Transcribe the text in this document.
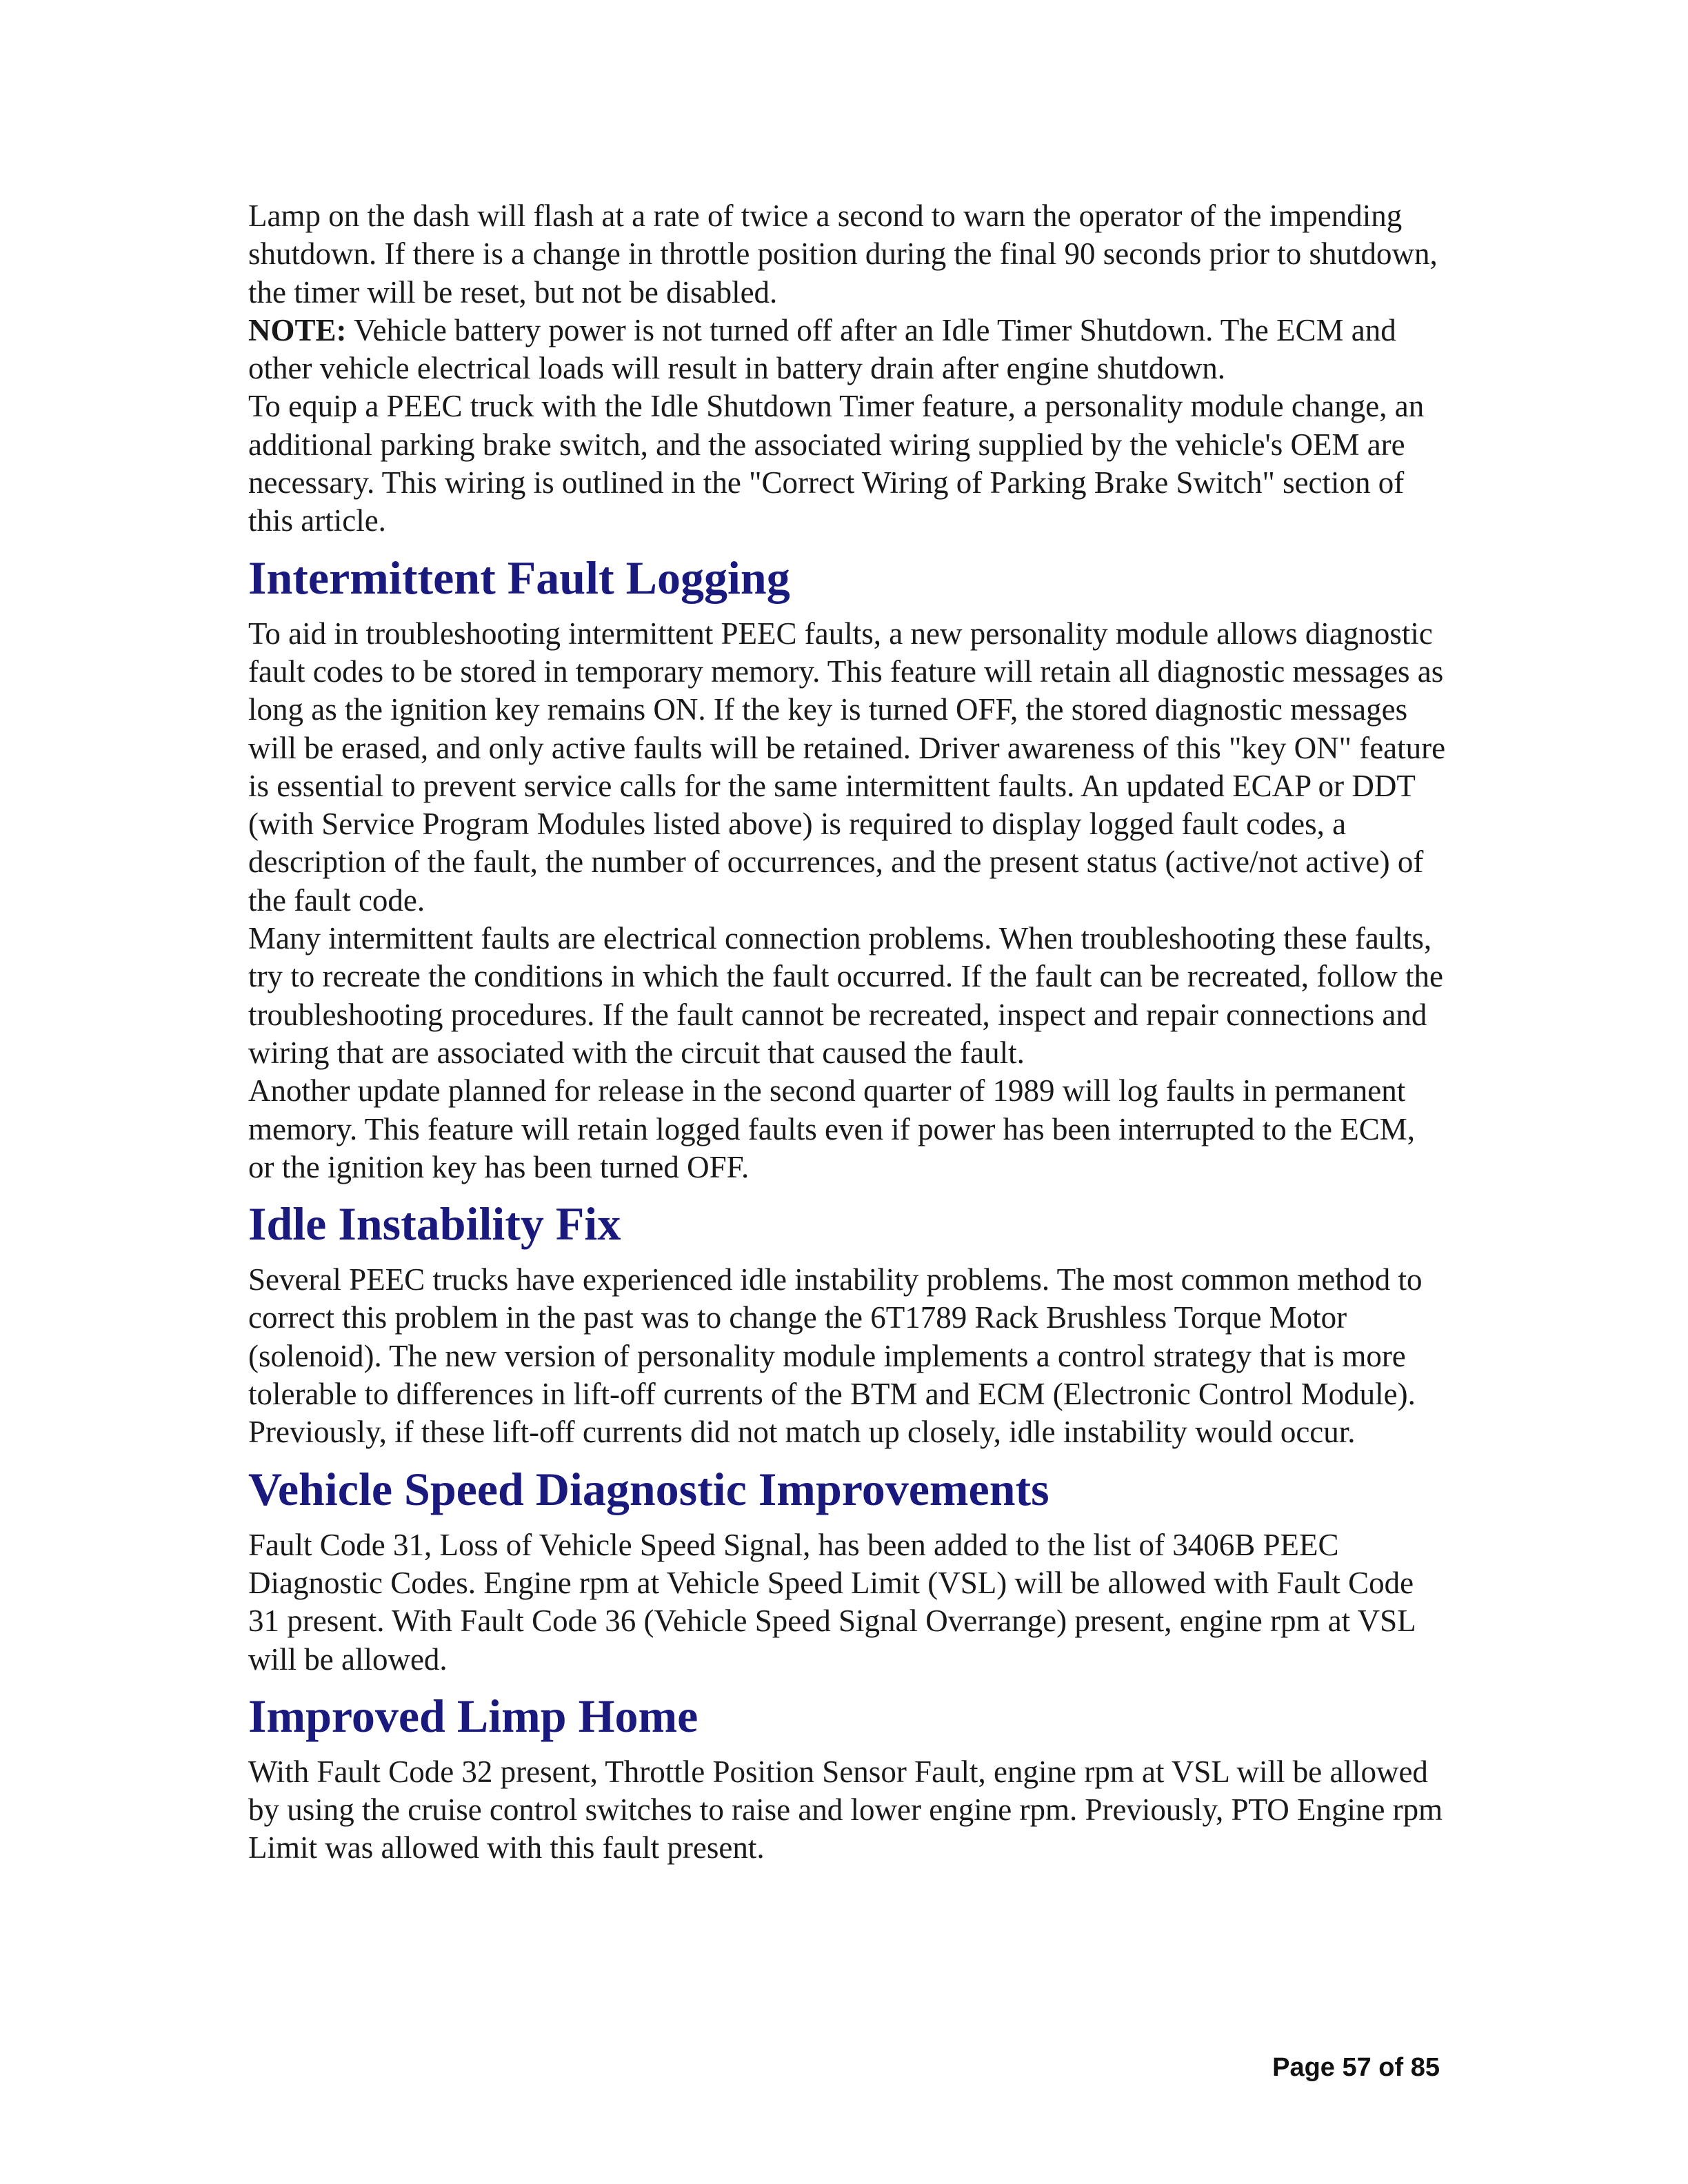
Lamp on the dash will flash at a rate of twice a second to warn the operator of the impending shutdown. If there is a change in throttle position during the final 90 seconds prior to shutdown, the timer will be reset, but not be disabled.

NOTE: Vehicle battery power is not turned off after an Idle Timer Shutdown. The ECM and other vehicle electrical loads will result in battery drain after engine shutdown.

To equip a PEEC truck with the Idle Shutdown Timer feature, a personality module change, an additional parking brake switch, and the associated wiring supplied by the vehicle's OEM are necessary. This wiring is outlined in the "Correct Wiring of Parking Brake Switch" section of this article.

Intermittent Fault Logging

To aid in troubleshooting intermittent PEEC faults, a new personality module allows diagnostic fault codes to be stored in temporary memory. This feature will retain all diagnostic messages as long as the ignition key remains ON. If the key is turned OFF, the stored diagnostic messages will be erased, and only active faults will be retained. Driver awareness of this "key ON" feature is essential to prevent service calls for the same intermittent faults. An updated ECAP or DDT (with Service Program Modules listed above) is required to display logged fault codes, a description of the fault, the number of occurrences, and the present status (active/not active) of the fault code.

Many intermittent faults are electrical connection problems. When troubleshooting these faults, try to recreate the conditions in which the fault occurred. If the fault can be recreated, follow the troubleshooting procedures. If the fault cannot be recreated, inspect and repair connections and wiring that are associated with the circuit that caused the fault.

Another update planned for release in the second quarter of 1989 will log faults in permanent memory. This feature will retain logged faults even if power has been interrupted to the ECM, or the ignition key has been turned OFF.

Idle Instability Fix

Several PEEC trucks have experienced idle instability problems. The most common method to correct this problem in the past was to change the 6T1789 Rack Brushless Torque Motor (solenoid). The new version of personality module implements a control strategy that is more tolerable to differences in lift-off currents of the BTM and ECM (Electronic Control Module). Previously, if these lift-off currents did not match up closely, idle instability would occur.

Vehicle Speed Diagnostic Improvements

Fault Code 31, Loss of Vehicle Speed Signal, has been added to the list of 3406B PEEC Diagnostic Codes. Engine rpm at Vehicle Speed Limit (VSL) will be allowed with Fault Code 31 present. With Fault Code 36 (Vehicle Speed Signal Overrange) present, engine rpm at VSL will be allowed.

Improved Limp Home

With Fault Code 32 present, Throttle Position Sensor Fault, engine rpm at VSL will be allowed by using the cruise control switches to raise and lower engine rpm. Previously, PTO Engine rpm Limit was allowed with this fault present.

Page 57 of 85
